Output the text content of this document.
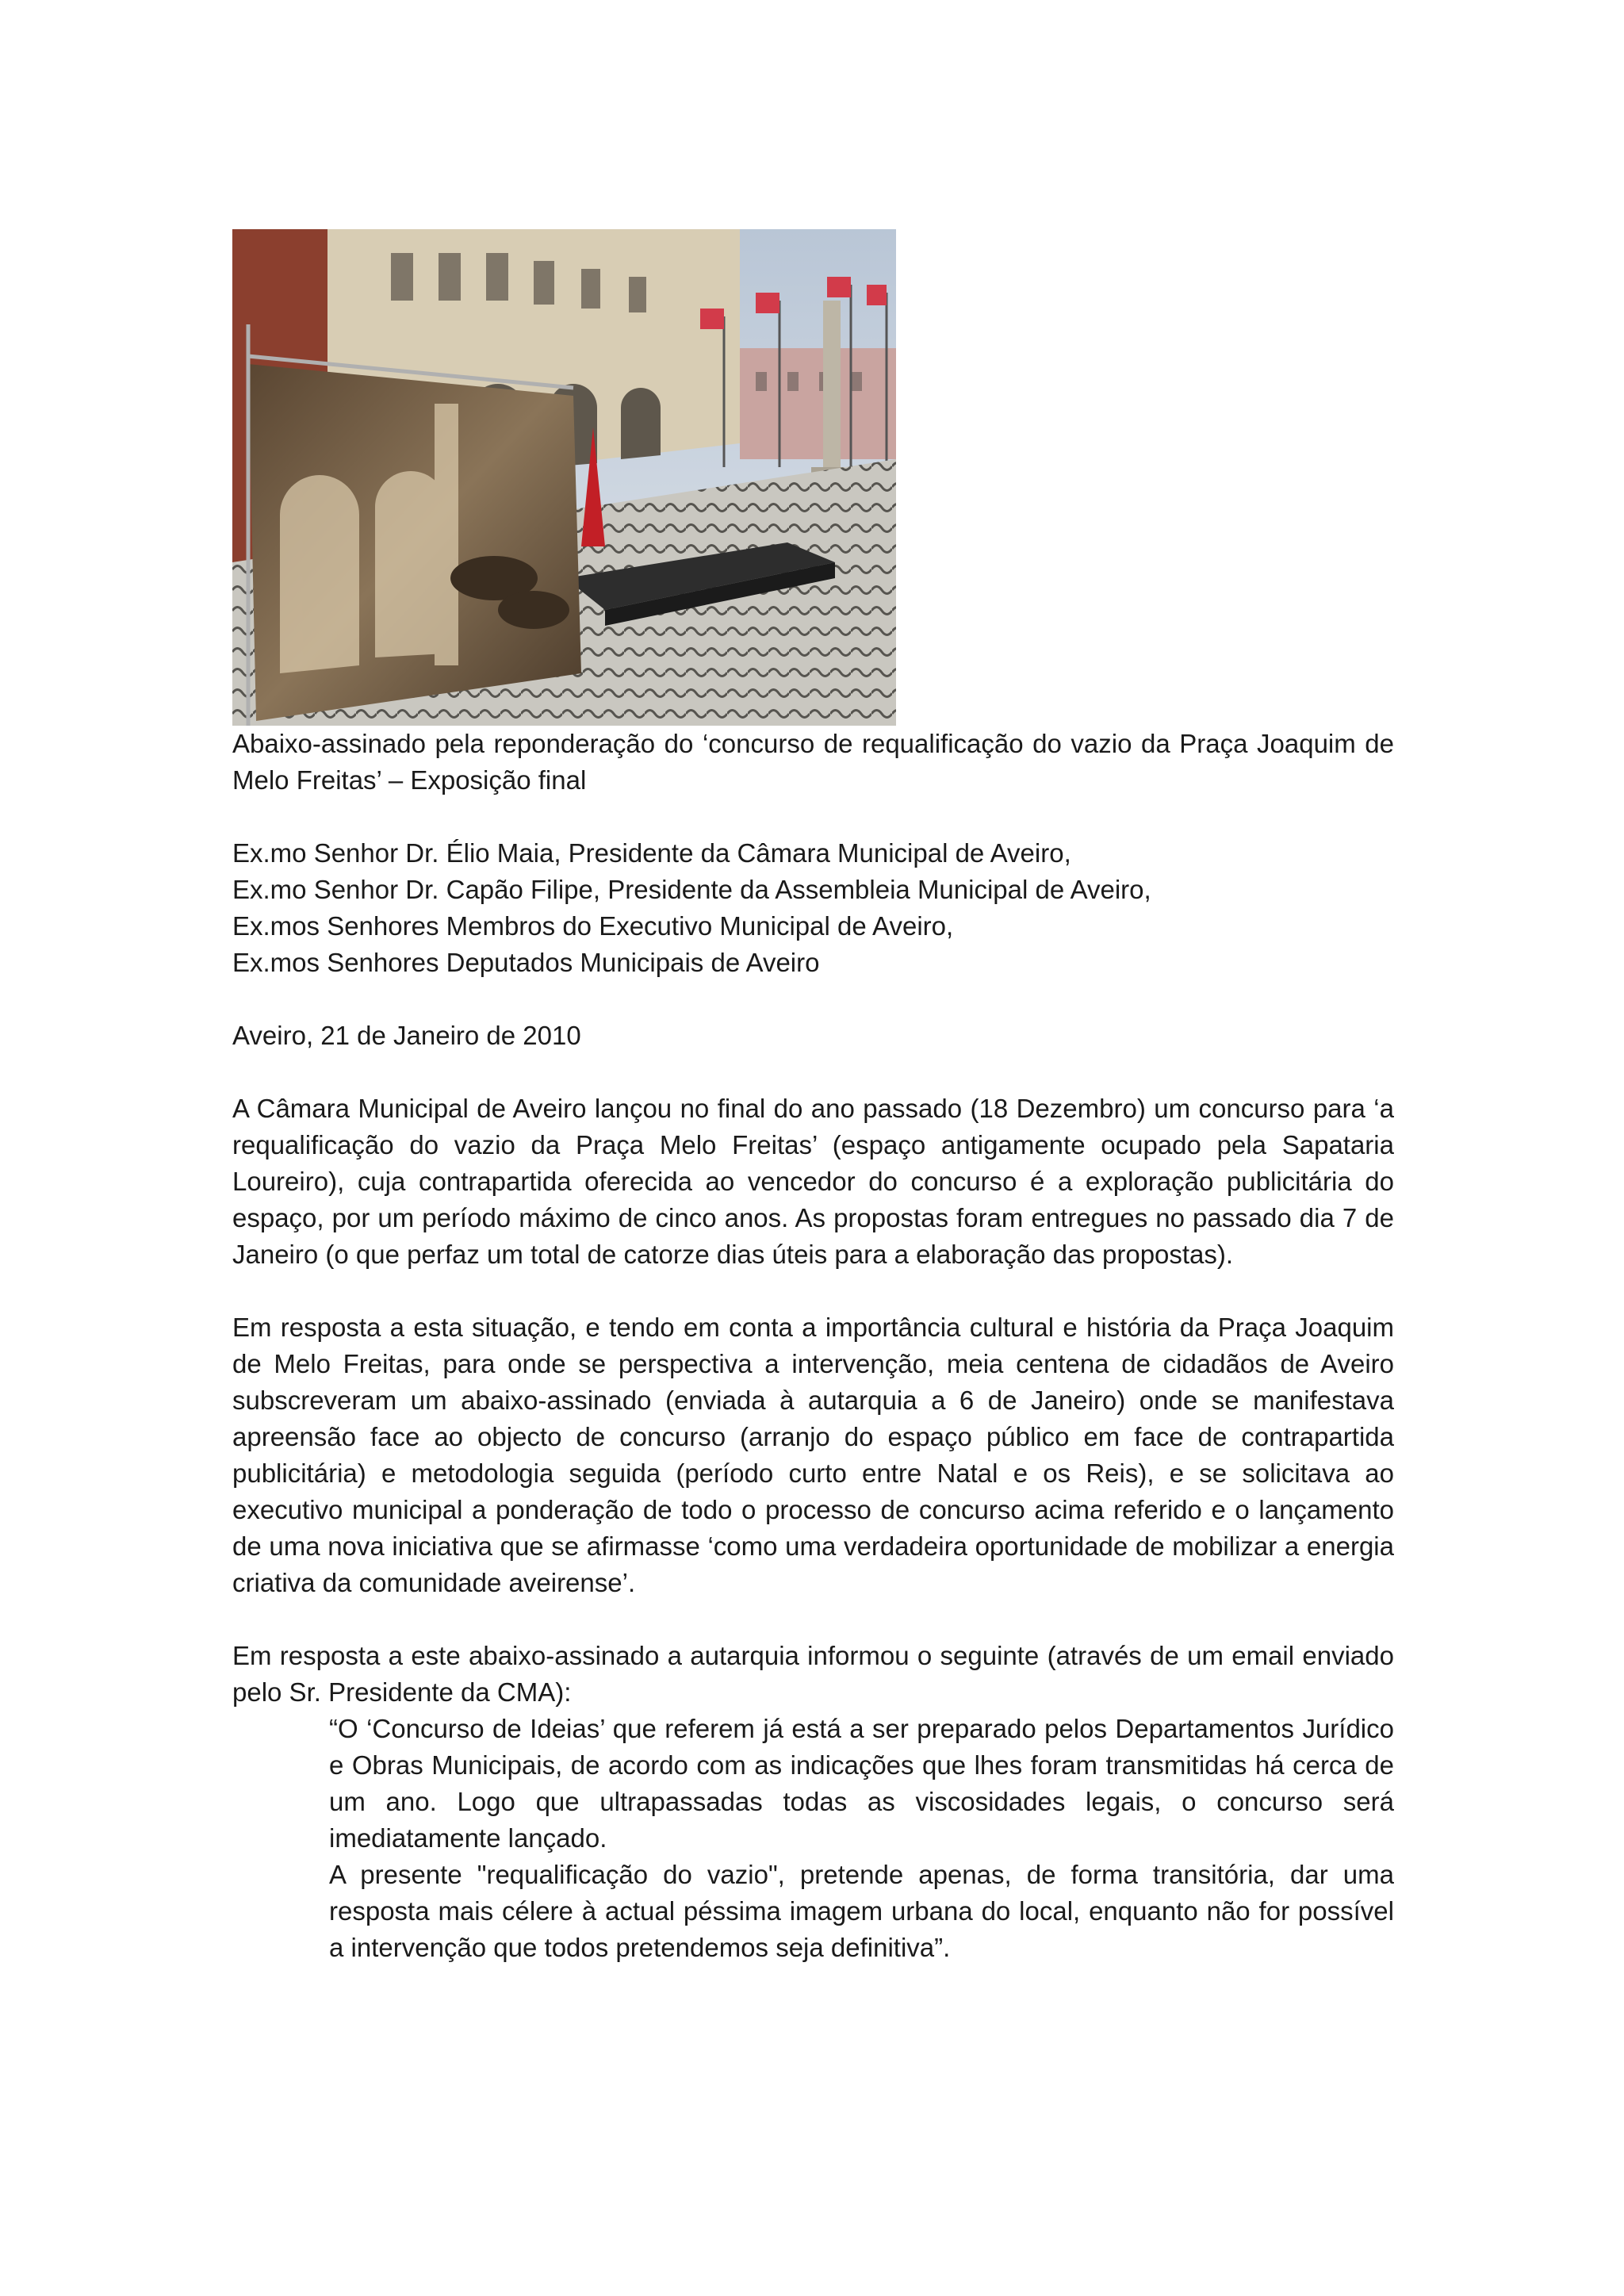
Abaixo-assinado pela reponderação do ‘concurso de requalificação do vazio da Praça Joaquim de Melo Freitas’ – Exposição final

Ex.mo Senhor Dr. Élio Maia, Presidente da Câmara Municipal de Aveiro,
Ex.mo Senhor Dr. Capão Filipe, Presidente da Assembleia Municipal de Aveiro,
Ex.mos Senhores Membros do Executivo Municipal de Aveiro,
Ex.mos Senhores Deputados Municipais de Aveiro
Aveiro, 21 de Janeiro de 2010

A Câmara Municipal de Aveiro lançou no final do ano passado (18 Dezembro) um concurso para ‘a requalificação do vazio da Praça Melo Freitas’ (espaço antigamente ocupado pela Sapataria Loureiro), cuja contrapartida oferecida ao vencedor do concurso é a exploração publicitária do espaço, por um período máximo de cinco anos. As propostas foram entregues no passado dia 7 de Janeiro (o que perfaz um total de catorze dias úteis para a elaboração das propostas).

Em resposta a esta situação, e tendo em conta a importância cultural e história da Praça Joaquim de Melo Freitas, para onde se perspectiva a intervenção, meia centena de cidadãos de Aveiro subscreveram um abaixo-assinado (enviada à autarquia a 6 de Janeiro) onde se manifestava apreensão face ao objecto de concurso (arranjo do espaço público em face de contrapartida publicitária) e metodologia seguida (período curto entre Natal e os Reis), e se solicitava ao executivo municipal a ponderação de todo o processo de concurso acima referido e o lançamento de uma nova iniciativa que se afirmasse ‘como uma verdadeira oportunidade de mobilizar a energia criativa da comunidade aveirense’.

Em resposta a este abaixo-assinado a autarquia informou o seguinte (através de um email enviado pelo Sr. Presidente da CMA):

“O ‘Concurso de Ideias’ que referem já está a ser preparado pelos Departamentos Jurídico e Obras Municipais, de acordo com as indicações que lhes foram transmitidas há cerca de um ano. Logo que ultrapassadas todas as viscosidades legais, o concurso será imediatamente lançado.

A presente "requalificação do vazio", pretende apenas, de forma transitória, dar uma resposta mais célere à actual péssima imagem urbana do local, enquanto não for possível a intervenção que todos pretendemos seja definitiva”.
